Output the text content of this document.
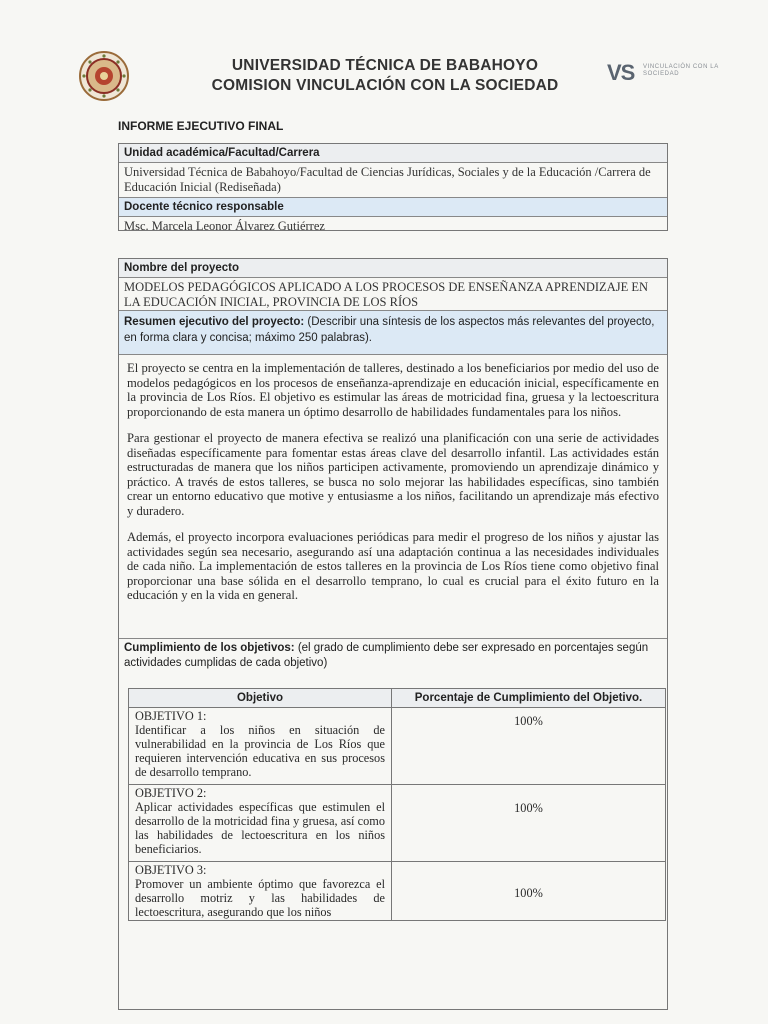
UNIVERSIDAD TÉCNICA DE BABAHOYO
COMISION VINCULACIÓN CON LA SOCIEDAD
VS VINCULACIÓN CON LA SOCIEDAD
INFORME EJECUTIVO FINAL
Unidad académica/Facultad/Carrera
Universidad Técnica de Babahoyo/Facultad de Ciencias Jurídicas, Sociales y de la Educación /Carrera de Educación Inicial (Rediseñada)
Docente técnico responsable
Msc. Marcela Leonor Álvarez Gutiérrez
Nombre del proyecto
MODELOS PEDAGÓGICOS APLICADO A LOS PROCESOS DE ENSEÑANZA APRENDIZAJE EN LA EDUCACIÓN INICIAL, PROVINCIA DE LOS RÍOS
Resumen ejecutivo del proyecto: (Describir una síntesis de los aspectos más relevantes del proyecto, en forma clara y concisa; máximo 250 palabras).

El proyecto se centra en la implementación de talleres, destinado a los beneficiarios por medio del uso de modelos pedagógicos en los procesos de enseñanza-aprendizaje en educación inicial, específicamente en la provincia de Los Ríos. El objetivo es estimular las áreas de motricidad fina, gruesa y la lectoescritura proporcionando de esta manera un óptimo desarrollo de habilidades fundamentales para los niños.

Para gestionar el proyecto de manera efectiva se realizó una planificación con una serie de actividades diseñadas específicamente para fomentar estas áreas clave del desarrollo infantil. Las actividades están estructuradas de manera que los niños participen activamente, promoviendo un aprendizaje dinámico y práctico. A través de estos talleres, se busca no solo mejorar las habilidades específicas, sino también crear un entorno educativo que motive y entusiasme a los niños, facilitando un aprendizaje más efectivo y duradero.

Además, el proyecto incorpora evaluaciones periódicas para medir el progreso de los niños y ajustar las actividades según sea necesario, asegurando así una adaptación continua a las necesidades individuales de cada niño. La implementación de estos talleres en la provincia de Los Ríos tiene como objetivo final proporcionar una base sólida en el desarrollo temprano, lo cual es crucial para el éxito futuro en la educación y en la vida en general.

Cumplimiento de los objetivos: (el grado de cumplimiento debe ser expresado en porcentajes según actividades cumplidas de cada objetivo)
Objetivo	Porcentaje de Cumplimiento del Objetivo.

OBJETIVO 1:
Identificar a los niños en situación de vulnerabilidad en la provincia de Los Ríos que requieren intervención educativa en sus procesos de desarrollo temprano.	100%

OBJETIVO 2:
Aplicar actividades específicas que estimulen el desarrollo de la motricidad fina y gruesa, así como las habilidades de lectoescritura en los niños beneficiarios.	100%

OBJETIVO 3:
Promover un ambiente óptimo que favorezca el desarrollo motriz y las habilidades de lectoescritura, asegurando que los niños	100%
